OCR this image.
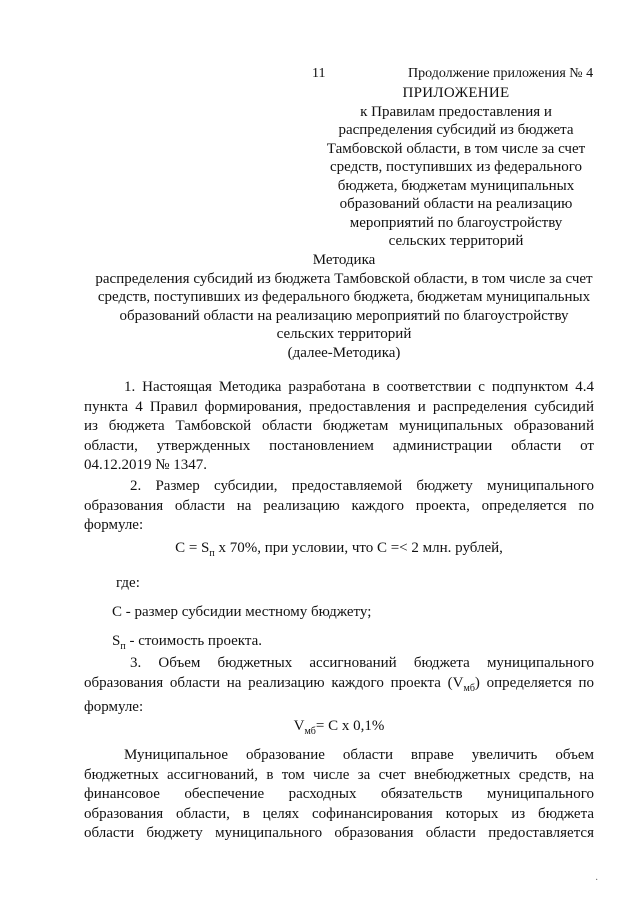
11	Продолжение приложения № 4
ПРИЛОЖЕНИЕ
к Правилам предоставления и
распределения субсидий из бюджета
Тамбовской области, в том числе за счет
средств, поступивших из федерального
бюджета, бюджетам муниципальных
образований области на реализацию
мероприятий по благоустройству
сельских территорий
Методика
распределения субсидий из бюджета Тамбовской области, в том числе за счет
средств, поступивших из федерального бюджета, бюджетам муниципальных
образований области на реализацию мероприятий по благоустройству
сельских территорий
(далее-Методика)
1. Настоящая Методика разработана в соответствии с подпунктом 4.4
пункта 4 Правил формирования, предоставления и распределения субсидий
из бюджета Тамбовской области бюджетам муниципальных образований
области, утвержденных постановлением администрации области от
04.12.2019 № 1347.
2. Размер субсидии, предоставляемой бюджету муниципального
образования области на реализацию каждого проекта, определяется по
формуле:
$C = S_п$ х 70%, при условии, что С =< 2 млн. рублей,
где:
С - размер субсидии местному бюджету;
$S_п$ - стоимость проекта.
3. Объем бюджетных ассигнований бюджета муниципального
образования области на реализацию каждого проекта $(V_{мб})$ определяется по
формуле:
$V_{мб}= C$ х 0,1%
Муниципальное образование области вправе увеличить объем
бюджетных ассигнований, в том числе за счет внебюджетных средств, на
финансовое обеспечение расходных обязательств муниципального
образования области, в целях софинансирования которых из бюджета
области бюджету муниципального образования области предоставляется
·
